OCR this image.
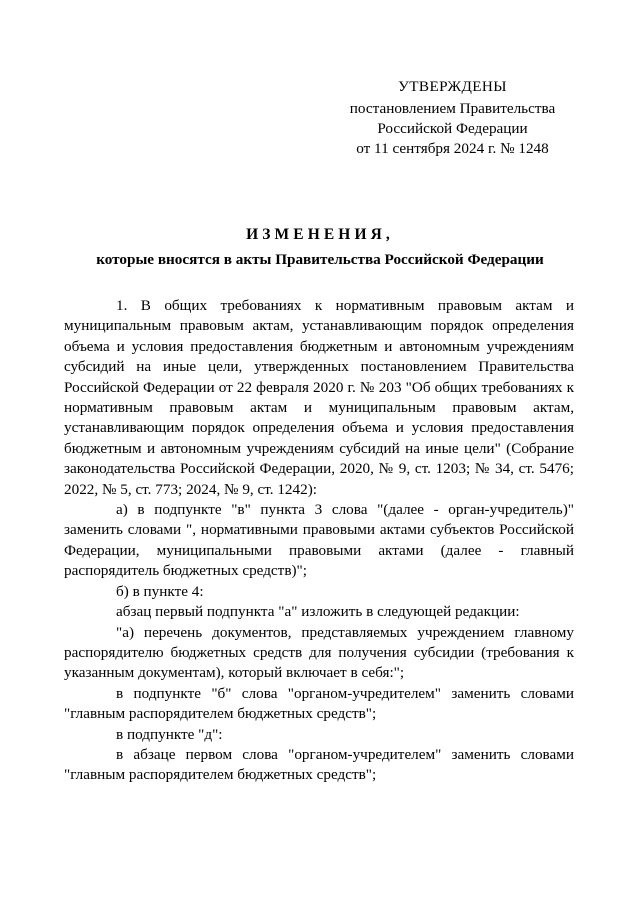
УТВЕРЖДЕНЫ
постановлением Правительства
Российской Федерации
от 11 сентября 2024 г. № 1248
ИЗМЕНЕНИЯ,
которые вносятся в акты Правительства Российской Федерации

1. В общих требованиях к нормативным правовым актам и муниципальным правовым актам, устанавливающим порядок определения объема и условия предоставления бюджетным и автономным учреждениям субсидий на иные цели, утвержденных постановлением Правительства Российской Федерации от 22 февраля 2020 г. № 203 "Об общих требованиях к нормативным правовым актам и муниципальным правовым актам, устанавливающим порядок определения объема и условия предоставления бюджетным и автономным учреждениям субсидий на иные цели" (Собрание законодательства Российской Федерации, 2020, № 9, ст. 1203; № 34, ст. 5476; 2022, № 5, ст. 773; 2024, № 9, ст. 1242):

а) в подпункте "в" пункта 3 слова "(далее - орган-учредитель)" заменить словами ", нормативными правовыми актами субъектов Российской Федерации, муниципальными правовыми актами (далее - главный распорядитель бюджетных средств)";

б) в пункте 4:

абзац первый подпункта "а" изложить в следующей редакции:

"а) перечень документов, представляемых учреждением главному распорядителю бюджетных средств для получения субсидии (требования к указанным документам), который включает в себя:";

в подпункте "б" слова "органом-учредителем" заменить словами "главным распорядителем бюджетных средств";

в подпункте "д":

в абзаце первом слова "органом-учредителем" заменить словами "главным распорядителем бюджетных средств";
